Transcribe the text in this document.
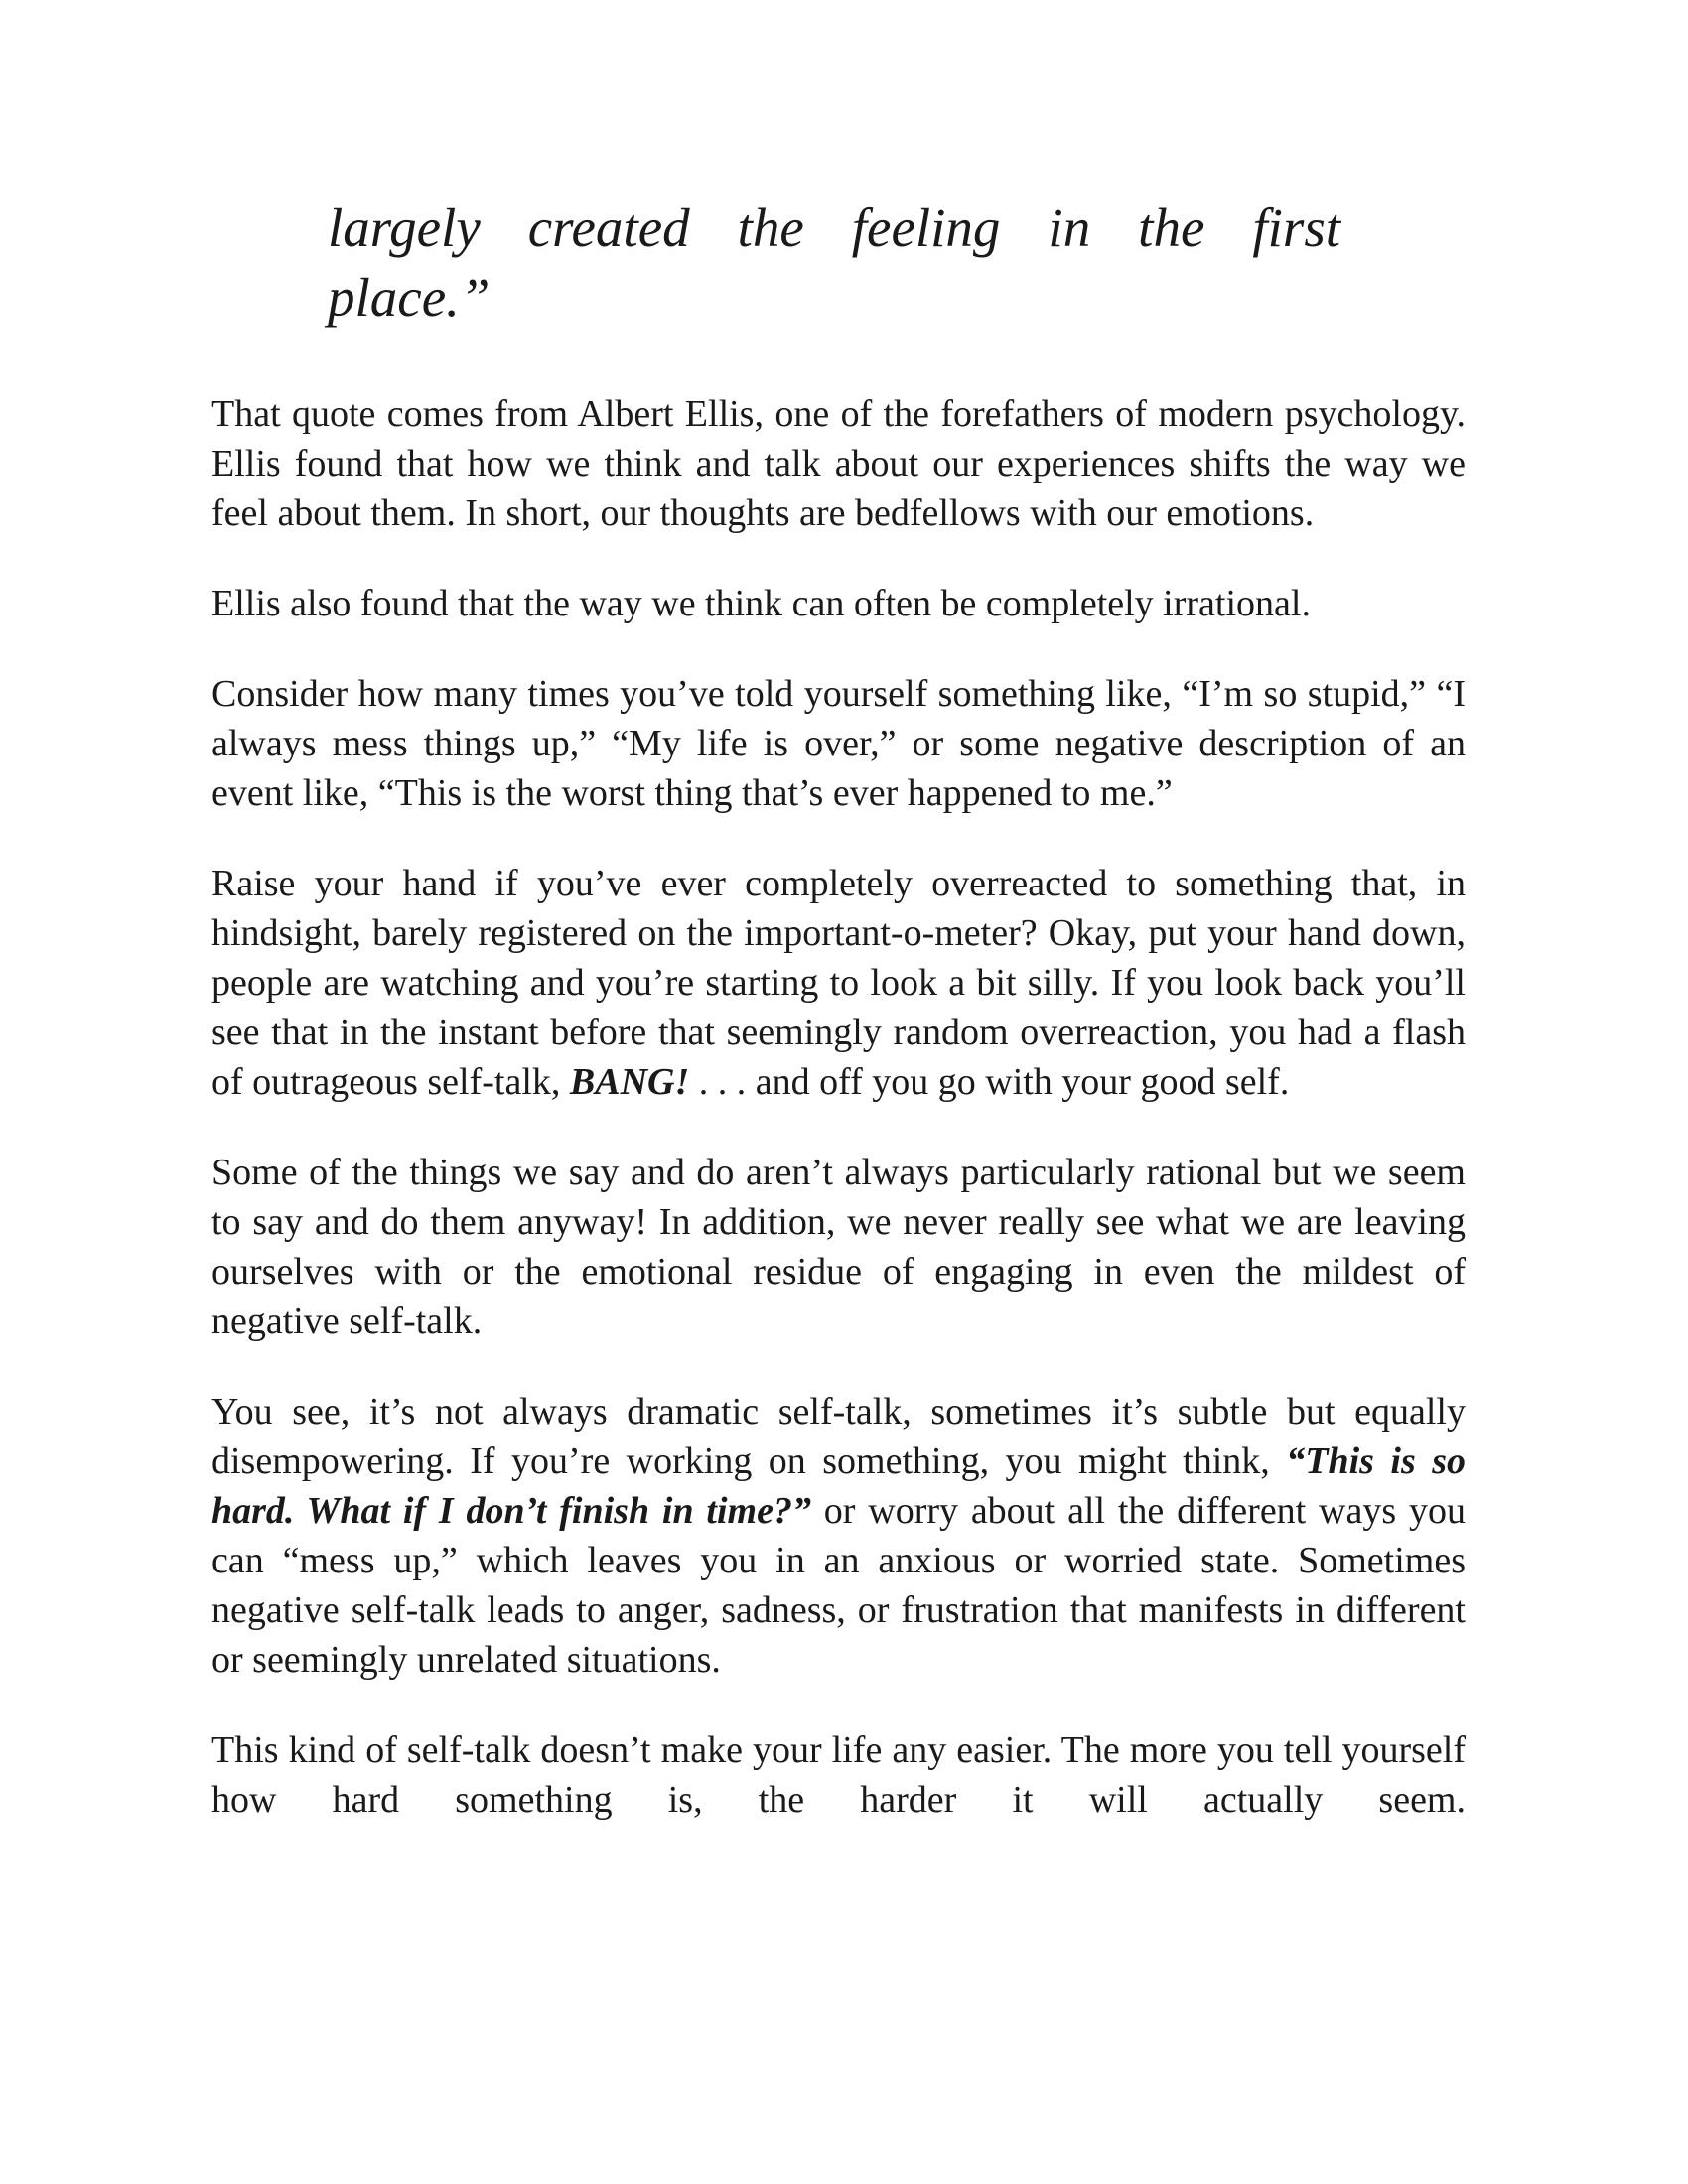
largely created the feeling in the first
place.”

That quote comes from Albert Ellis, one of the forefathers of modern psychology. Ellis found that how we think and talk about our experiences shifts the way we feel about them. In short, our thoughts are bedfellows with our emotions.

Ellis also found that the way we think can often be completely irrational.

Consider how many times you’ve told yourself something like, “I’m so stupid,” “I always mess things up,” “My life is over,” or some negative description of an event like, “This is the worst thing that’s ever happened to me.”

Raise your hand if you’ve ever completely overreacted to something that, in hindsight, barely registered on the important-o-meter? Okay, put your hand down, people are watching and you’re starting to look a bit silly. If you look back you’ll see that in the instant before that seemingly random overreaction, you had a flash of outrageous self-talk, BANG! . . . and off you go with your good self.

Some of the things we say and do aren’t always particularly rational but we seem to say and do them anyway! In addition, we never really see what we are leaving ourselves with or the emotional residue of engaging in even the mildest of negative self-talk.

You see, it’s not always dramatic self-talk, sometimes it’s subtle but equally disempowering. If you’re working on something, you might think, “This is so hard. What if I don’t finish in time?” or worry about all the different ways you can “mess up,” which leaves you in an anxious or worried state. Sometimes negative self-talk leads to anger, sadness, or frustration that manifests in different or seemingly unrelated situations.

This kind of self-talk doesn’t make your life any easier. The more you tell yourself how hard something is, the harder it will actually seem.
